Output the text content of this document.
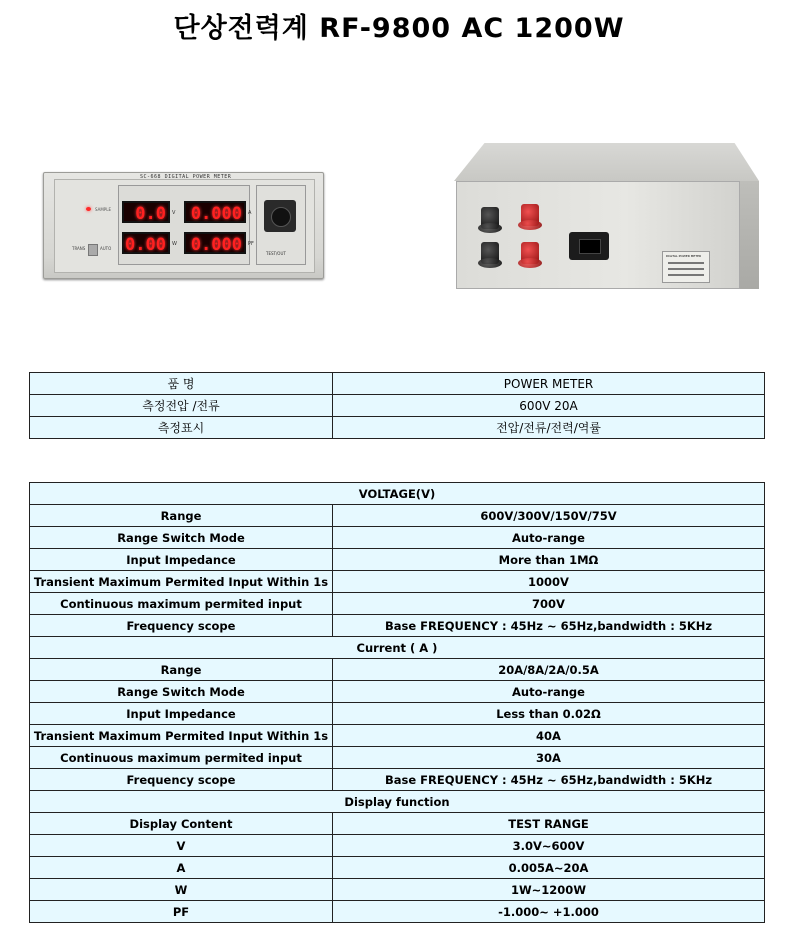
단상전력계 RF-9800 AC 1200W
SC-668 DIGITAL POWER METER
SAMPLE
TRANS	AUTO
0.0	V 0.000	A
0.00	W 0.000	PF
TEST/OUT	DIGITAL POWER METER
품 명	POWER METER
측정전압 /전류	600V 20A
측정표시	전압/전류/전력/역률
VOLTAGE(V)	
Range	600V/300V/150V/75V
Range Switch Mode	Auto-range
Input Impedance	More than 1MΩ
Transient Maximum Permited Input Within 1s	1000V
Continuous maximum permited input	700V
Frequency scope	Base FREQUENCY : 45Hz ~ 65Hz,bandwidth : 5KHz
Current ( A )	
Range	20A/8A/2A/0.5A
Range Switch Mode	Auto-range
Input Impedance	Less than 0.02Ω
Transient Maximum Permited Input Within 1s	40A
Continuous maximum permited input	30A
Frequency scope	Base FREQUENCY : 45Hz ~ 65Hz,bandwidth : 5KHz
Display function	
Display Content	TEST RANGE
V	3.0V~600V
A	0.005A~20A
W	1W~1200W
PF	-1.000~ +1.000
